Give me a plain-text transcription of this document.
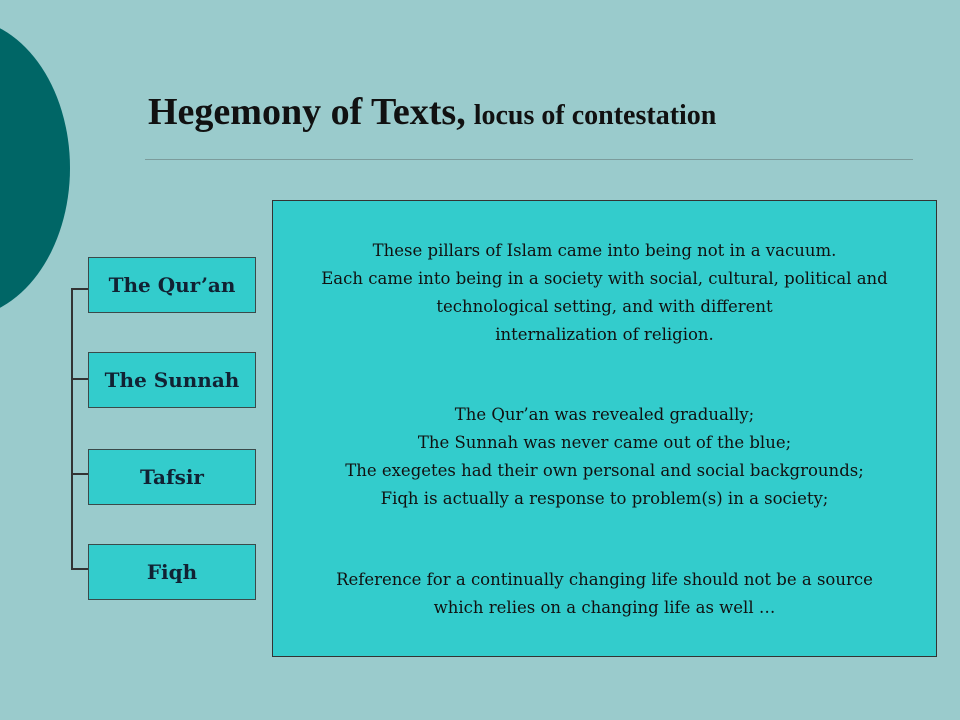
Hegemony of Texts, locus of contestation
The Qur’an
The Sunnah
Tafsir
Fiqh

These pillars of Islam came into being not in a vacuum.
Each came into being in a society with social, cultural, political and
technological setting, and with different
internalization of religion.

The Qur’an was revealed gradually;
The Sunnah was never came out of the blue;
The exegetes had their own personal and social backgrounds;
Fiqh is actually a response to problem(s) in a society;

Reference for a continually changing life should not be a source
which relies on a changing life as well …
